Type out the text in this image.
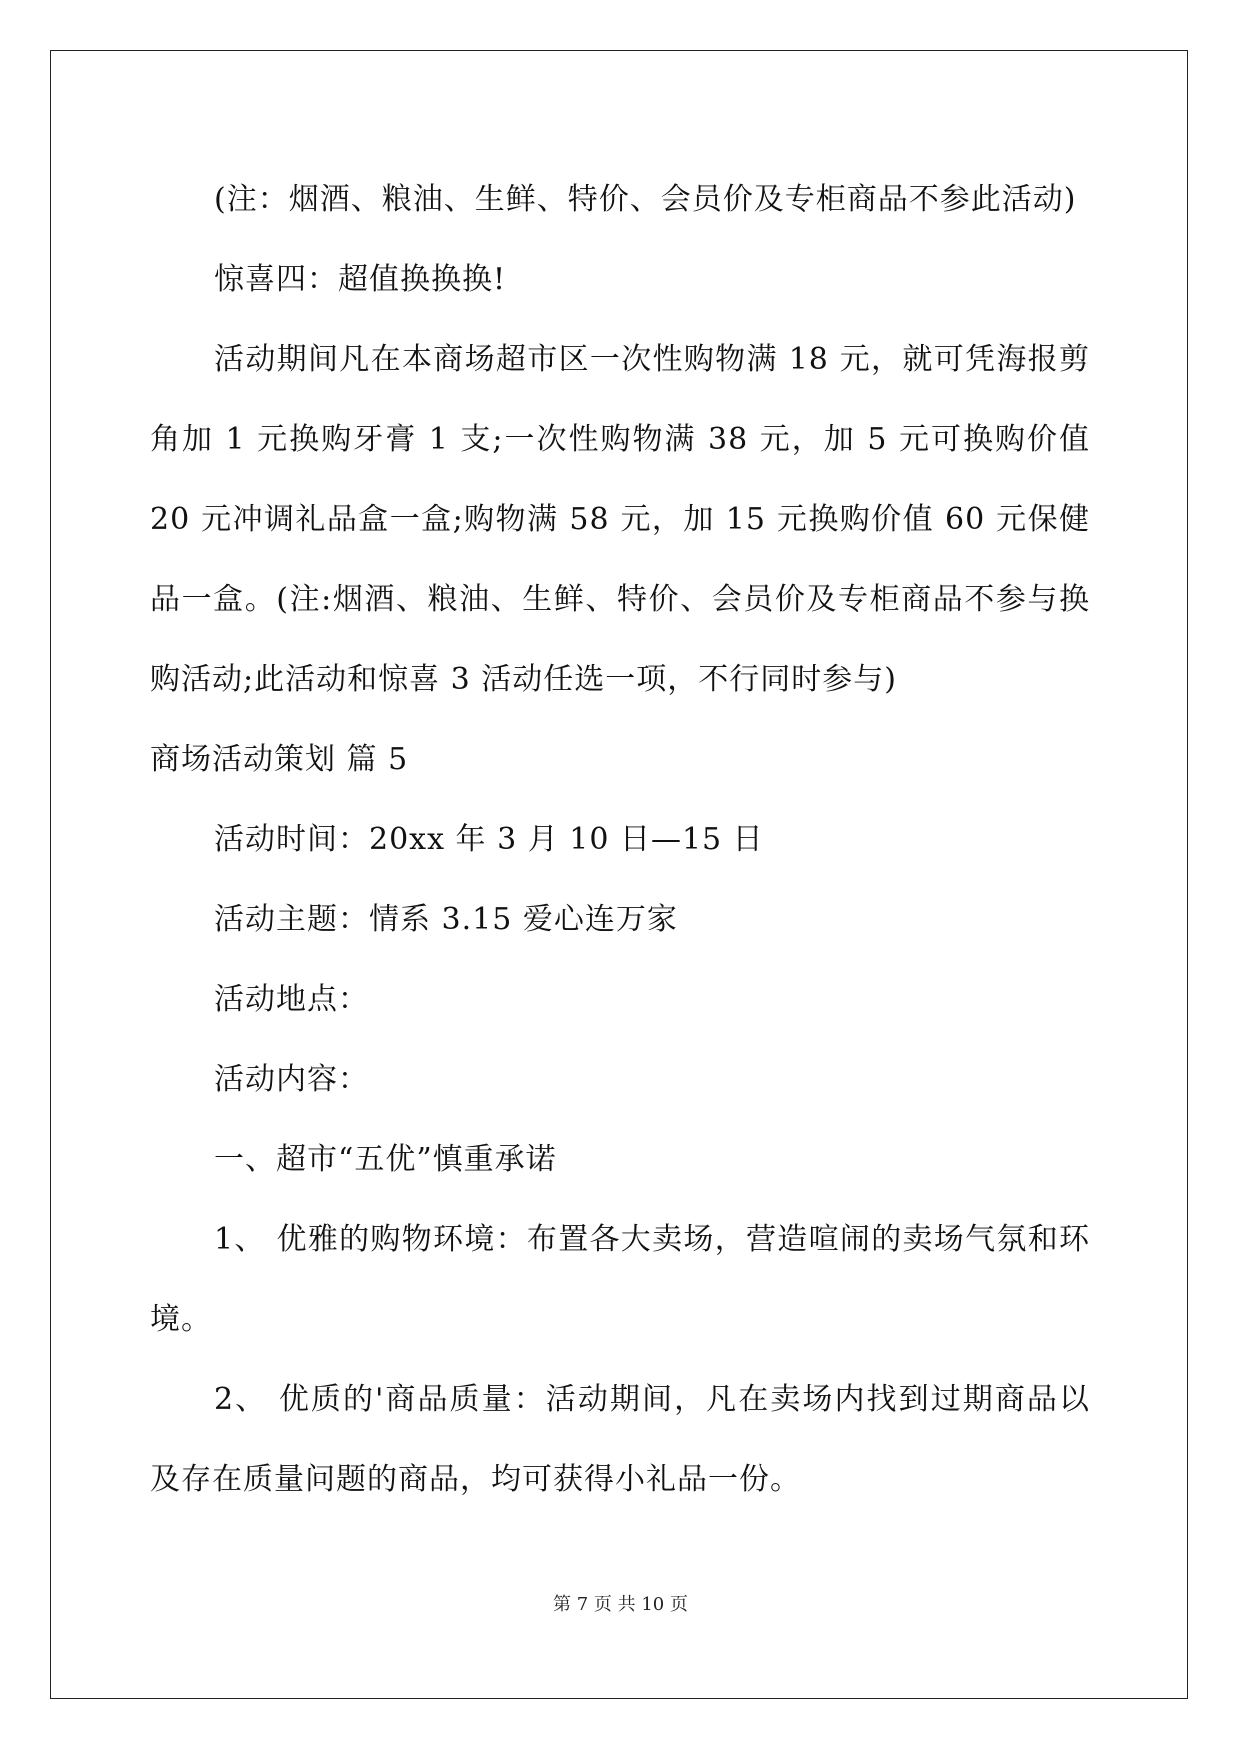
(注：烟酒、粮油、生鲜、特价、会员价及专柜商品不参此活动)

惊喜四：超值换换换!

活动期间凡在本商场超市区一次性购物满 18 元，就可凭海报剪角加 1 元换购牙膏 1 支;一次性购物满 38 元，加 5 元可换购价值 20 元冲调礼品盒一盒;购物满 58 元，加 15 元换购价值 60 元保健品一盒。(注:烟酒、粮油、生鲜、特价、会员价及专柜商品不参与换购活动;此活动和惊喜 3 活动任选一项，不行同时参与)

商场活动策划 篇 5

活动时间：20xx 年 3 月 10 日—15 日

活动主题：情系 3.15 爱心连万家

活动地点：

活动内容：

一、超市“五优”慎重承诺

1、 优雅的购物环境：布置各大卖场，营造喧闹的卖场气氛和环境。

2、 优质的'商品质量：活动期间，凡在卖场内找到过期商品以及存在质量问题的商品，均可获得小礼品一份。

第 7 页 共 10 页
